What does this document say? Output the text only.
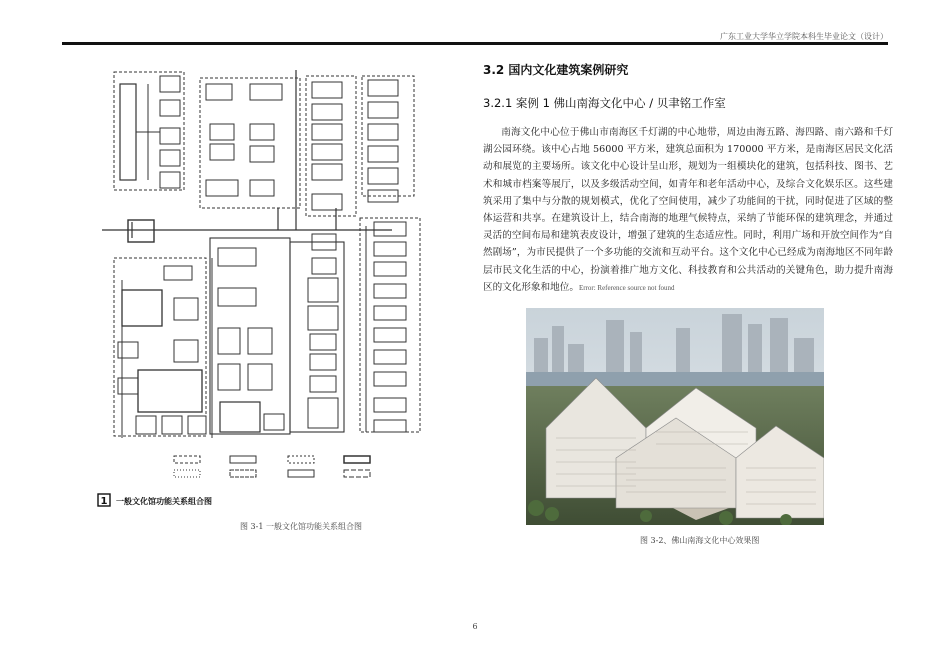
广东工业大学华立学院本科生毕业论文（设计）
1 一般文化馆功能关系组合图
图 3-1 一般文化馆功能关系组合图
3.2 国内文化建筑案例研究
3.2.1 案例 1 佛山南海文化中心 / 贝聿铭工作室
南海文化中心位于佛山市南海区千灯湖的中心地带，周边由海五路、海四路、南六路和千灯湖公园环绕。该中心占地 56000 平方米，建筑总面积为 170000 平方米，是南海区居民文化活动和展览的主要场所。该文化中心设计呈山形，规划为一组模块化的建筑，包括科技、图书、艺术和城市档案等展厅，以及多级活动空间，如青年和老年活动中心，及综合文化娱乐区。这些建筑采用了集中与分散的规划模式，优化了空间使用，减少了功能间的干扰，同时促进了区域的整体运营和共享。在建筑设计上，结合南海的地理气候特点，采纳了节能环保的建筑理念，并通过灵活的空间布局和建筑表皮设计，增强了建筑的生态适应性。同时，利用广场和开放空间作为“自然剧场”，为市民提供了一个多功能的交流和互动平台。这个文化中心已经成为南海地区不同年龄层市民文化生活的中心，扮演着推广地方文化、科技教育和公共活动的关键角色，助力提升南海区的文化形象和地位。Error: Reference source not found
图 3-2、佛山南海文化中心效果图
6
